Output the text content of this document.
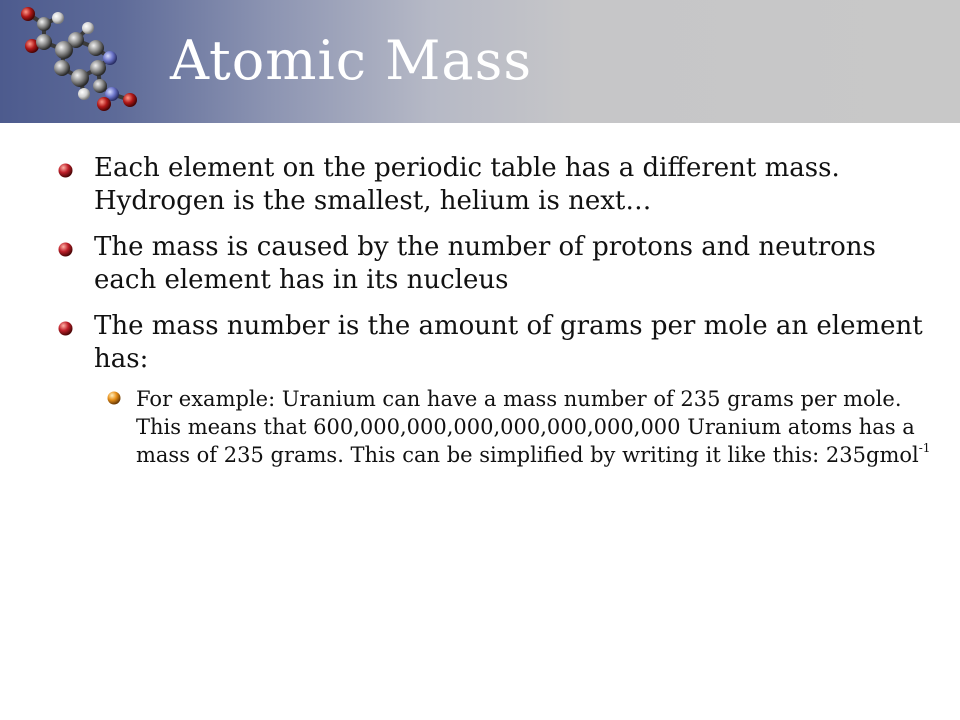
Atomic Mass
Each element on the periodic table has a different mass. Hydrogen is the smallest, helium is next…
The mass is caused by the number of protons and neutrons each element has in its nucleus
The mass number is the amount of grams per mole an element has:
For example: Uranium can have a mass number of 235 grams per mole. This means that 600,000,000,000,000,000,000,000 Uranium atoms has a mass of 235 grams. This can be simplified by writing it like this: 235gmol$^{-1}$
